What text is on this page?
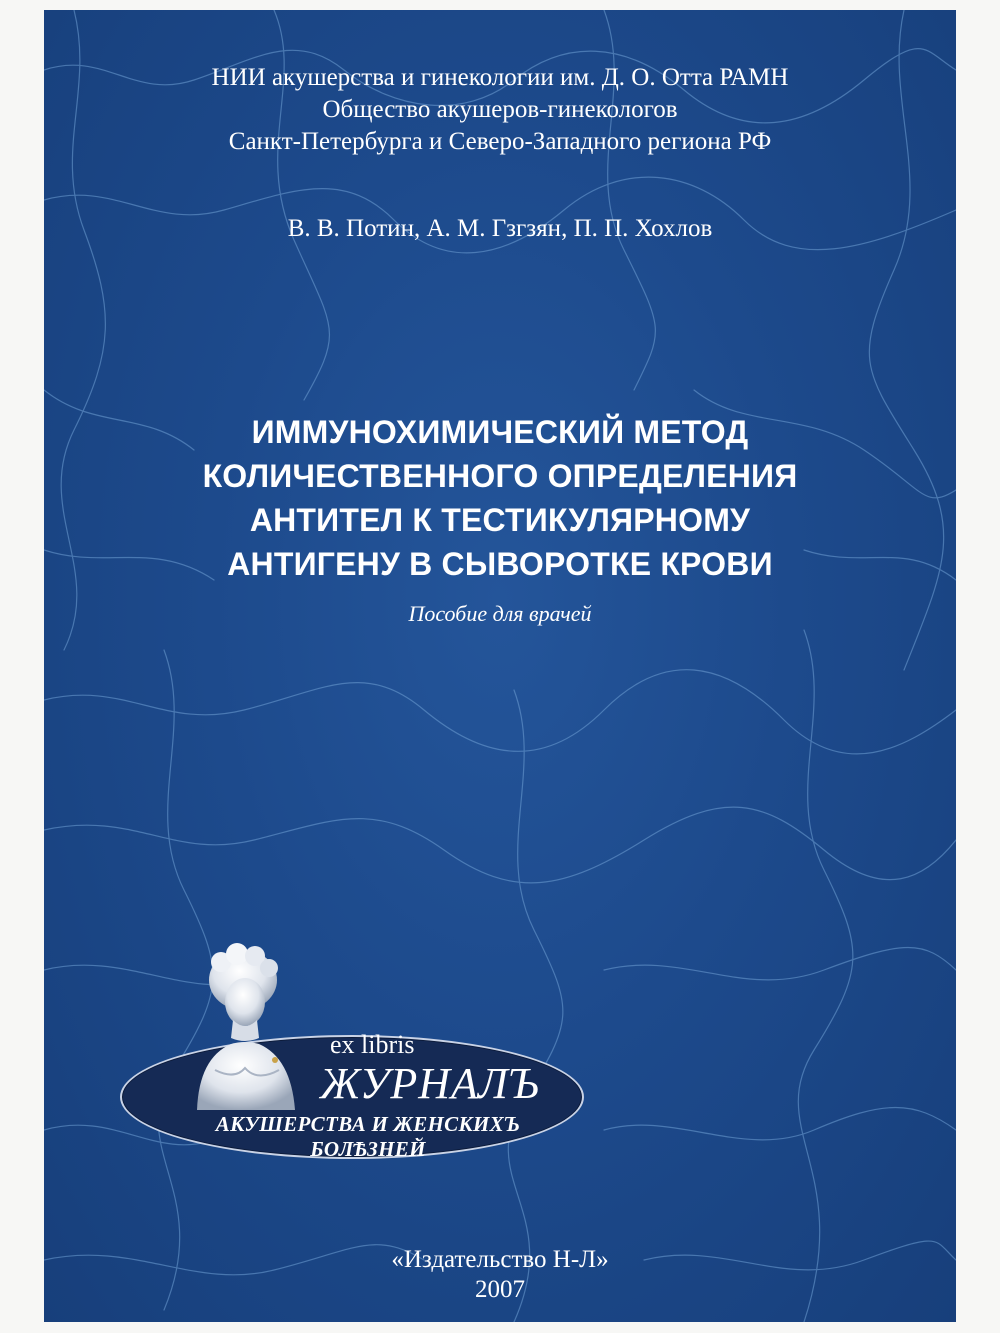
НИИ акушерства и гинекологии им. Д. О. Отта РАМН
Общество акушеров-гинекологов
Санкт-Петербурга и Северо-Западного региона РФ
В. В. Потин, А. М. Гзгзян, П. П. Хохлов
ИММУНОХИМИЧЕСКИЙ МЕТОД
КОЛИЧЕСТВЕННОГО ОПРЕДЕЛЕНИЯ
АНТИТЕЛ К ТЕСТИКУЛЯРНОМУ
АНТИГЕНУ В СЫВОРОТКЕ КРОВИ
Пособие для врачей
ex libris
ЖУРНАЛЪ
АКУШЕРСТВА И ЖЕНСКИХЪ БОЛѢЗНЕЙ
«Издательство Н-Л»
2007
